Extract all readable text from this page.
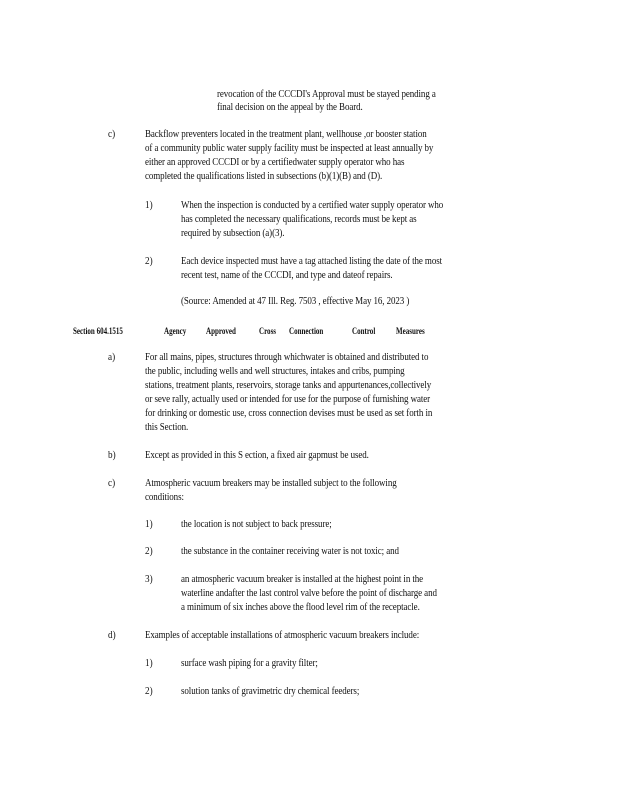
revocation of the CCCDI's Approval must be stayed pending a
final decision on the appeal by the Board.
c)	Backflow preventers located in the treatment plant, wellhouse ,or booster station
of a community public water supply facility must be inspected at least annually by
either an approved CCCDI or by a certifiedwater supply operator who has
completed the qualifications listed in subsections (b)(1)(B) and (D).
1)	When the inspection is conducted by a certified water supply operator who
has completed the necessary qualifications, records must be kept as
required by subsection (a)(3).
2)	Each device inspected must have a tag attached listing the date of the most
recent test, name of the CCCDI, and type and dateof repairs.
(Source: Amended at 47 Ill. Reg. 7503 , effective May 16, 2023 )
Section 604.1515	Agency Approved	Cross Connection	Control Measures
a)	For all mains, pipes, structures through whichwater is obtained and distributed to
the public, including wells and well structures, intakes and cribs, pumping
stations, treatment plants, reservoirs, storage tanks and appurtenances,collectively
or seve rally, actually used or intended for use for the purpose of furnishing water
for drinking or domestic use, cross connection devises must be used as set forth in
this Section.
b)	Except as provided in this S ection, a fixed air gapmust be used.
c)	Atmospheric vacuum breakers may be installed subject to the following
conditions:
1)	the location is not subject to back pressure;
2)	the substance in the container receiving water is not toxic; and
3)	an atmospheric vacuum breaker is installed at the highest point in the
waterline andafter the last control valve before the point of discharge and
a minimum of six inches above the flood level rim of the receptacle.
d)	Examples of acceptable installations of atmospheric vacuum breakers include:
1)	surface wash piping for a gravity filter;
2)	solution tanks of gravimetric dry chemical feeders;
